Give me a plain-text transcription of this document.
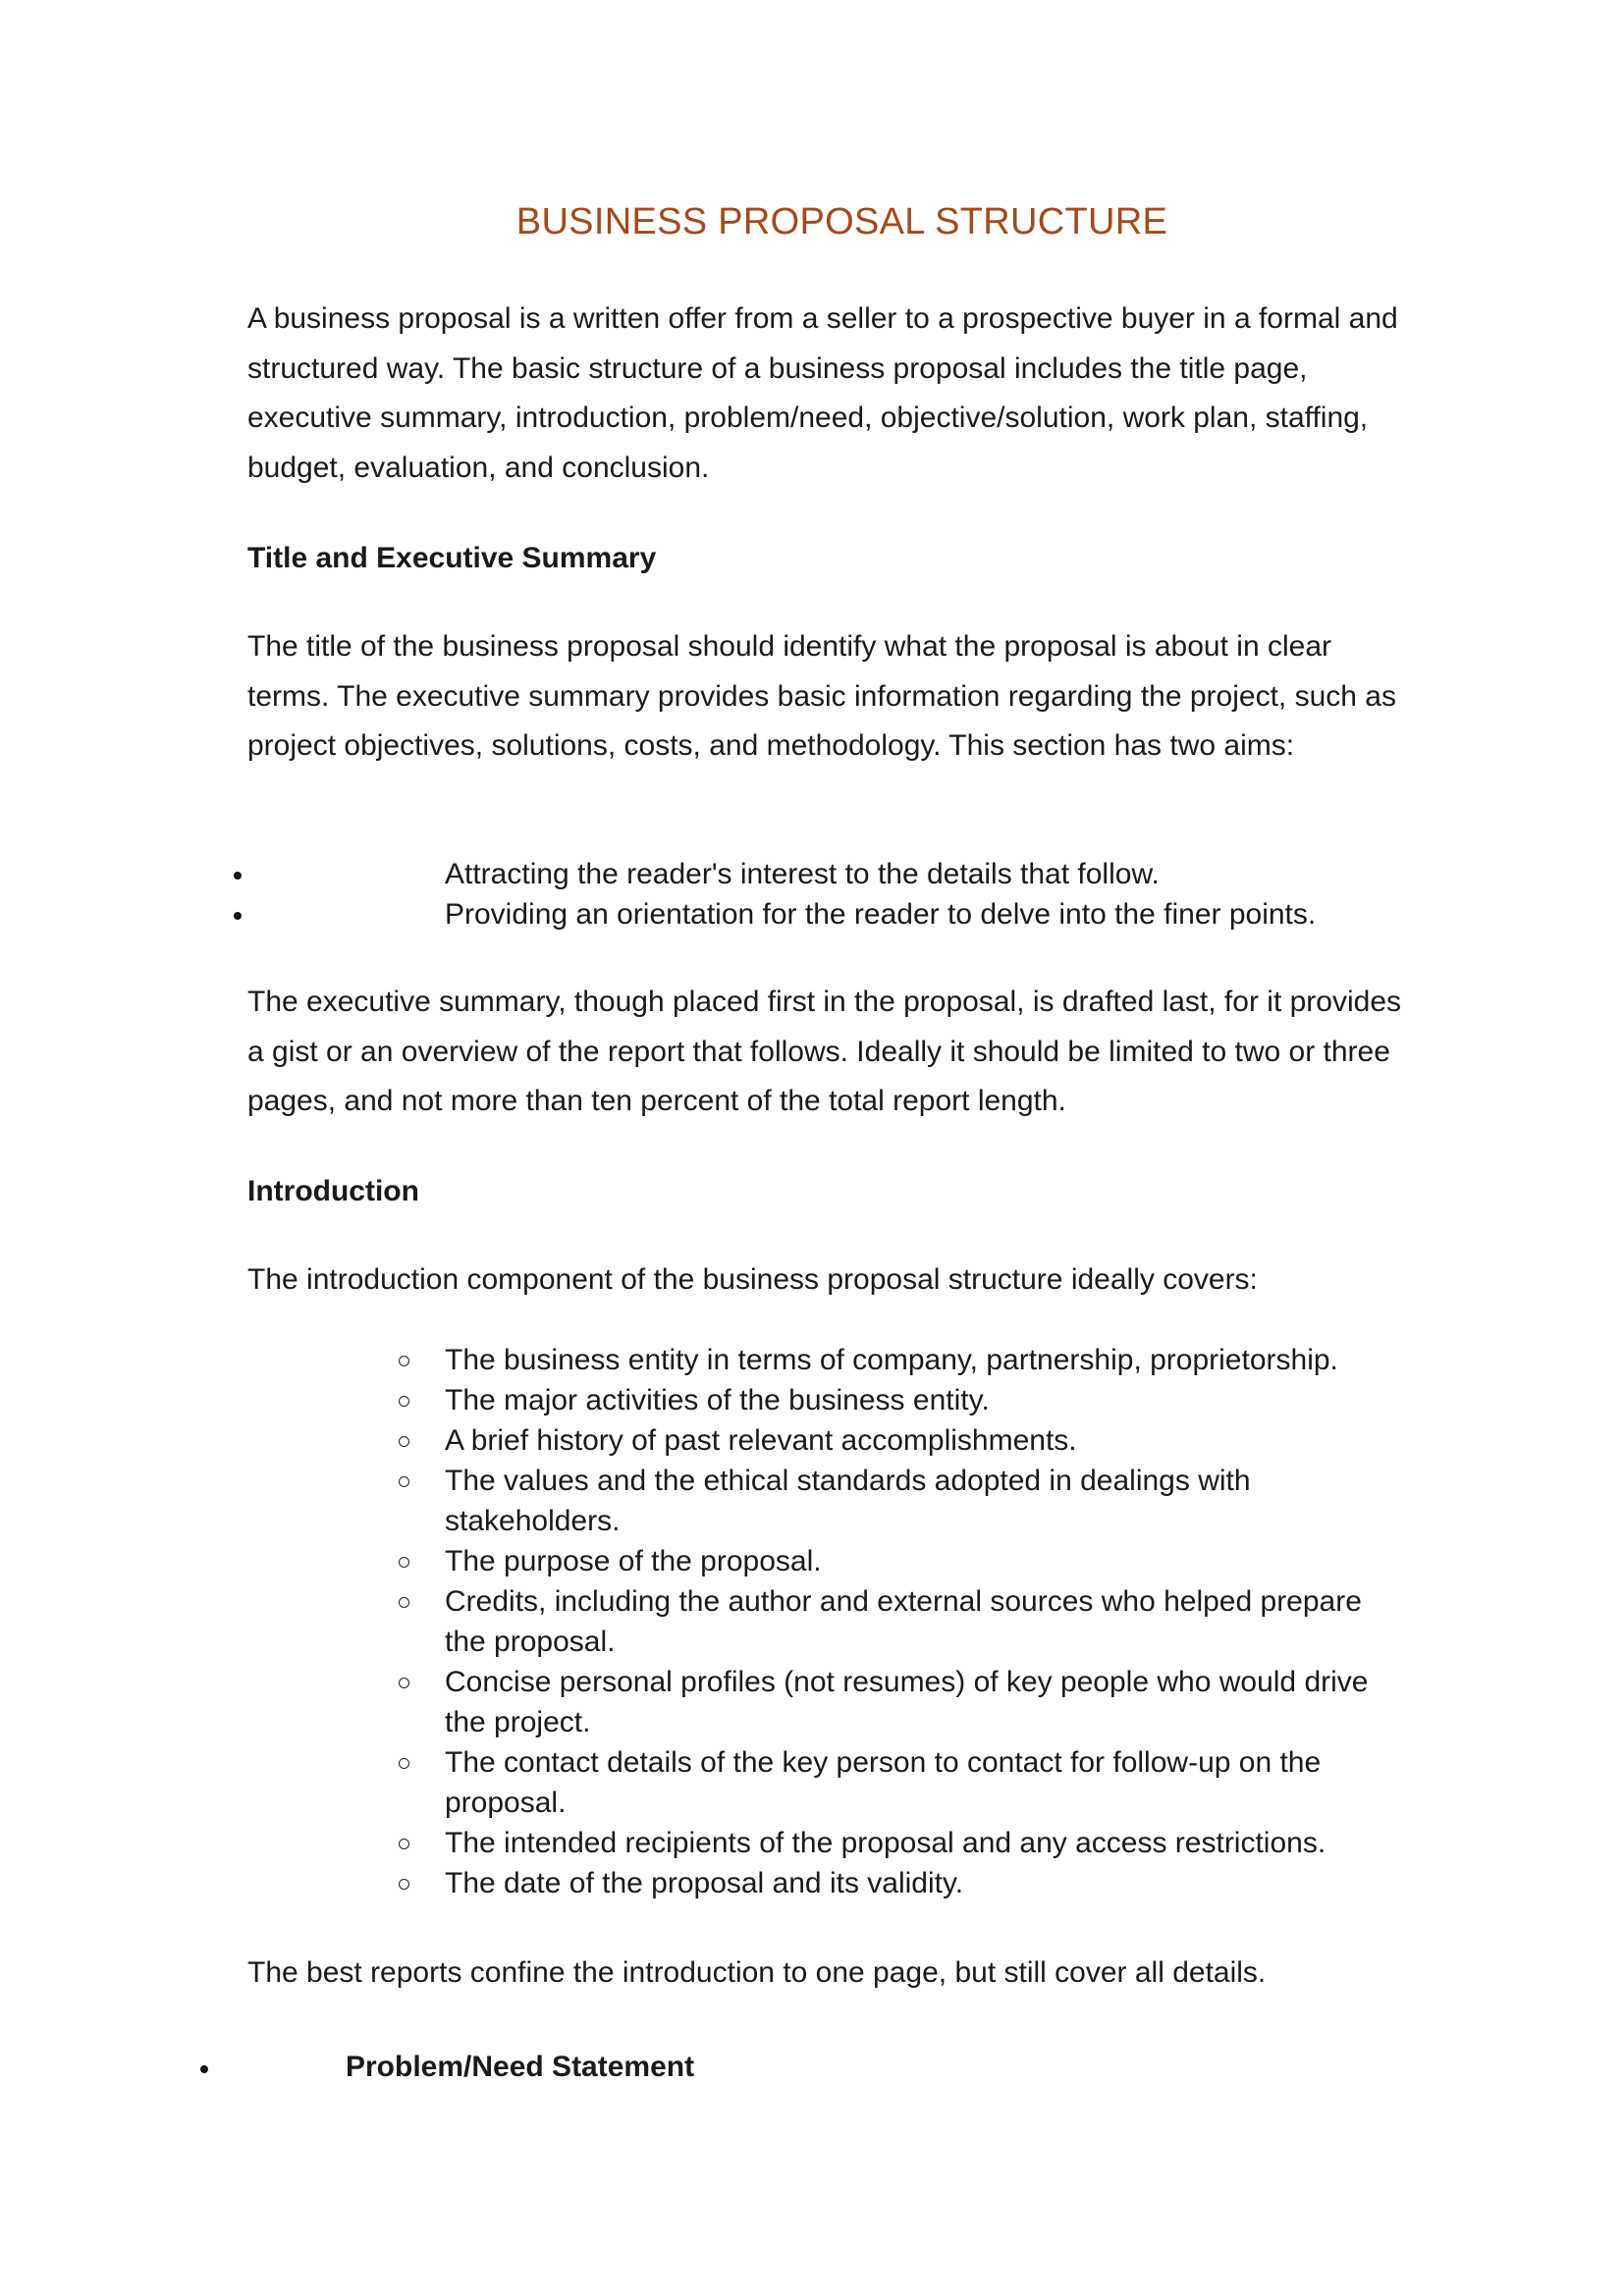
BUSINESS PROPOSAL STRUCTURE

A business proposal is a written offer from a seller to a prospective buyer in a formal and structured way. The basic structure of a business proposal includes the title page, executive summary, introduction, problem/need, objective/solution, work plan, staffing, budget, evaluation, and conclusion.

Title and Executive Summary

The title of the business proposal should identify what the proposal is about in clear terms. The executive summary provides basic information regarding the project, such as project objectives, solutions, costs, and methodology. This section has two aims:

Attracting the reader's interest to the details that follow.
Providing an orientation for the reader to delve into the finer points.

The executive summary, though placed first in the proposal, is drafted last, for it provides a gist or an overview of the report that follows. Ideally it should be limited to two or three pages, and not more than ten percent of the total report length.

Introduction

The introduction component of the business proposal structure ideally covers:

The business entity in terms of company, partnership, proprietorship.

The major activities of the business entity.

A brief history of past relevant accomplishments.

The values and the ethical standards adopted in dealings with stakeholders.

The purpose of the proposal.

Credits, including the author and external sources who helped prepare the proposal.

Concise personal profiles (not resumes) of key people who would drive the project.

The contact details of the key person to contact for follow-up on the proposal.

The intended recipients of the proposal and any access restrictions.

The date of the proposal and its validity.

The best reports confine the introduction to one page, but still cover all details.

Problem/Need Statement
